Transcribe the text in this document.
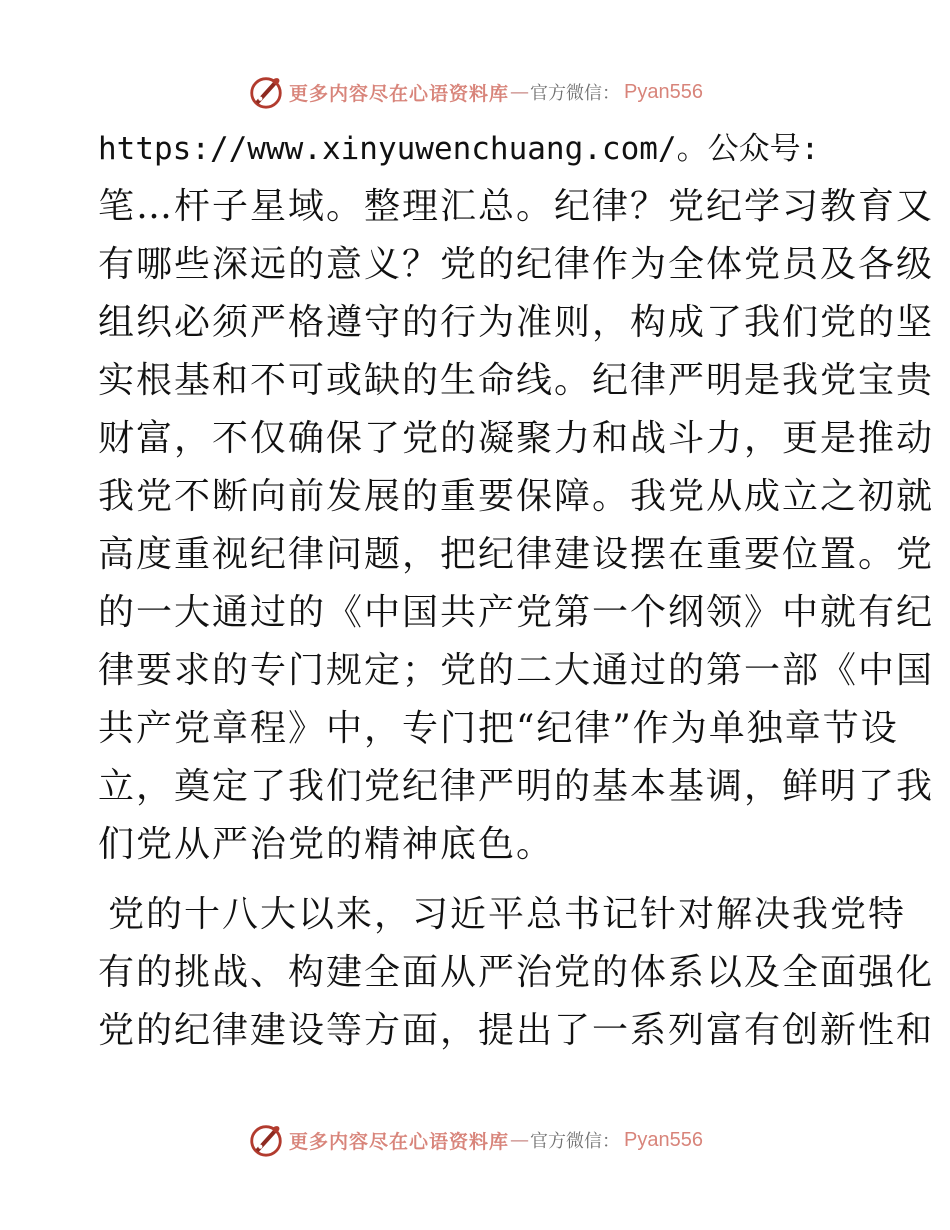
更多内容尽在心语资料库 — 官方微信： Pyan556
https://www.xinyuwenchuang.com/。公众号:
笔…杆子星域。整理汇总。纪律？党纪学习教育又
有哪些深远的意义？党的纪律作为全体党员及各级
组织必须严格遵守的行为准则，构成了我们党的坚
实根基和不可或缺的生命线。纪律严明是我党宝贵
财富，不仅确保了党的凝聚力和战斗力，更是推动
我党不断向前发展的重要保障。我党从成立之初就
高度重视纪律问题，把纪律建设摆在重要位置。党
的一大通过的《中国共产党第一个纲领》中就有纪
律要求的专门规定；党的二大通过的第一部《中国
共产党章程》中，专门把“纪律”作为单独章节设
立，奠定了我们党纪律严明的基本基调，鲜明了我
们党从严治党的精神底色。
党的十八大以来，习近平总书记针对解决我党特
有的挑战、构建全面从严治党的体系以及全面强化
党的纪律建设等方面，提出了一系列富有创新性和
更多内容尽在心语资料库 — 官方微信： Pyan556
